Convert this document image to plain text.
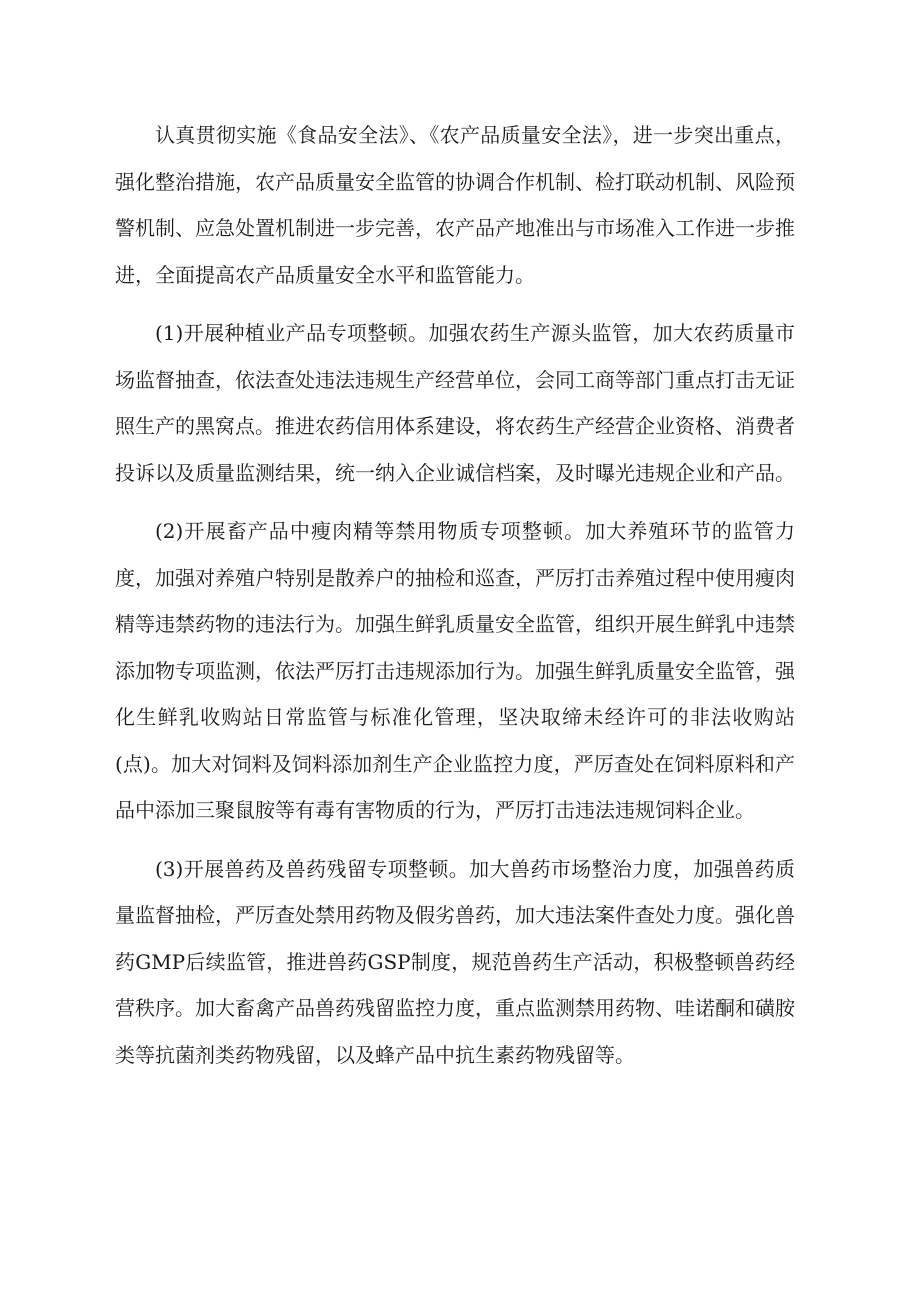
认真贯彻实施《食品安全法》、《农产品质量安全法》，进一步突出重点，强化整治措施，农产品质量安全监管的协调合作机制、检打联动机制、风险预警机制、应急处置机制进一步完善，农产品产地准出与市场准入工作进一步推进，全面提高农产品质量安全水平和监管能力。

(1)开展种植业产品专项整顿。加强农药生产源头监管，加大农药质量市场监督抽查，依法查处违法违规生产经营单位，会同工商等部门重点打击无证照生产的黑窝点。推进农药信用体系建设，将农药生产经营企业资格、消费者投诉以及质量监测结果，统一纳入企业诚信档案，及时曝光违规企业和产品。

(2)开展畜产品中瘦肉精等禁用物质专项整顿。加大养殖环节的监管力度，加强对养殖户特别是散养户的抽检和巡查，严厉打击养殖过程中使用瘦肉精等违禁药物的违法行为。加强生鲜乳质量安全监管，组织开展生鲜乳中违禁添加物专项监测，依法严厉打击违规添加行为。加强生鲜乳质量安全监管，强化生鲜乳收购站日常监管与标准化管理，坚决取缔未经许可的非法收购站(点)。加大对饲料及饲料添加剂生产企业监控力度，严厉查处在饲料原料和产品中添加三聚鼠胺等有毒有害物质的行为，严厉打击违法违规饲料企业。

(3)开展兽药及兽药残留专项整顿。加大兽药市场整治力度，加强兽药质量监督抽检，严厉查处禁用药物及假劣兽药，加大违法案件查处力度。强化兽药GMP后续监管，推进兽药GSP制度，规范兽药生产活动，积极整顿兽药经营秩序。加大畜禽产品兽药残留监控力度，重点监测禁用药物、哇诺酮和磺胺类等抗菌剂类药物残留，以及蜂产品中抗生素药物残留等。
